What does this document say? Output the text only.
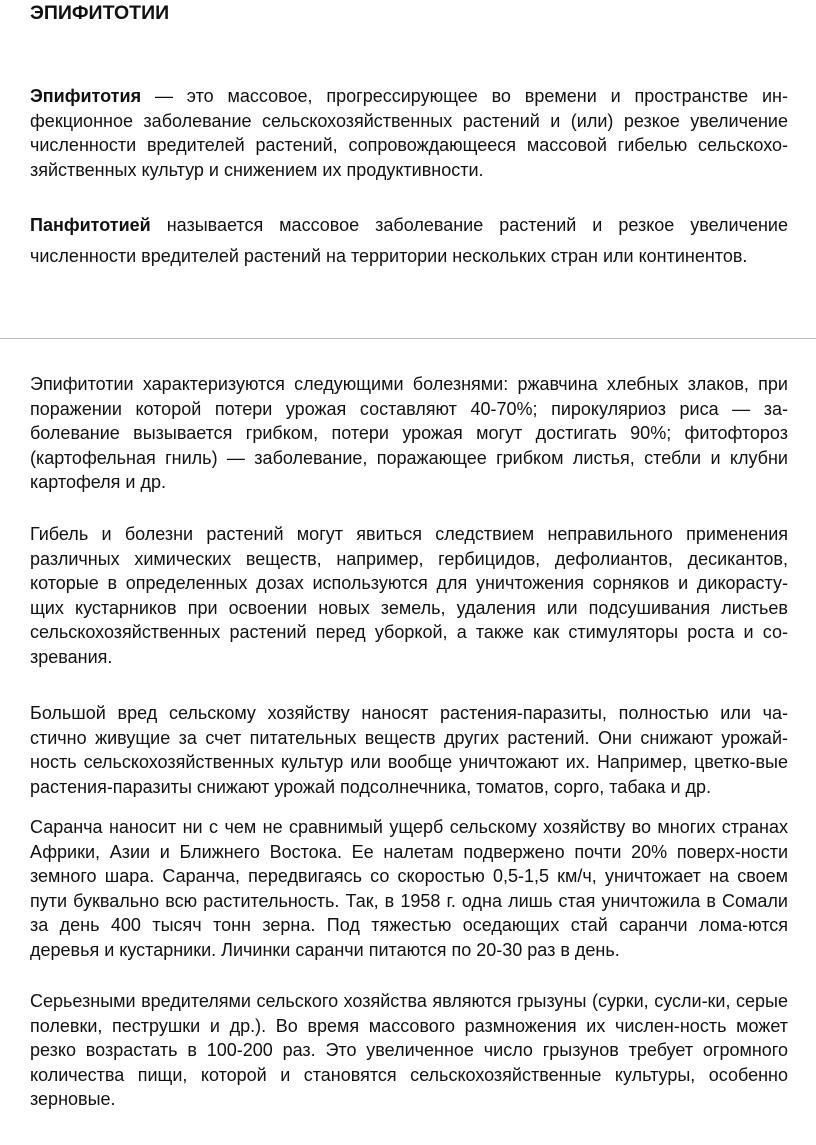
ЭПИФИТОТИИ

Эпифитотия — это массовое, прогрессирующее во времени и пространстве ин-фекционное заболевание сельскохозяйственных растений и (или) резкое увеличение численности вредителей растений, сопровождающееся массовой гибелью сельскохо-зяйственных культур и снижением их продуктивности.

Панфитотией называется массовое заболевание растений и резкое увеличение численности вредителей растений на территории нескольких стран или континентов.

Эпифитотии характеризуются следующими болезнями: ржавчина хлебных злаков, при поражении которой потери урожая составляют 40-70%; пирокуляриоз риса — за-болевание вызывается грибком, потери урожая могут достигать 90%; фитофтороз (картофельная гниль) — заболевание, поражающее грибком листья, стебли и клубни картофеля и др.

Гибель и болезни растений могут явиться следствием неправильного применения различных химических веществ, например, гербицидов, дефолиантов, десикантов, которые в определенных дозах используются для уничтожения сорняков и дикорасту-щих кустарников при освоении новых земель, удаления или подсушивания листьев сельскохозяйственных растений перед уборкой, а также как стимуляторы роста и со-зревания.

Большой вред сельскому хозяйству наносят растения-паразиты, полностью или ча-стично живущие за счет питательных веществ других растений. Они снижают урожай-ность сельскохозяйственных культур или вообще уничтожают их. Например, цветко-вые растения-паразиты снижают урожай подсолнечника, томатов, сорго, табака и др.

Саранча наносит ни с чем не сравнимый ущерб сельскому хозяйству во многих странах Африки, Азии и Ближнего Востока. Ее налетам подвержено почти 20% поверх-ности земного шара. Саранча, передвигаясь со скоростью 0,5-1,5 км/ч, уничтожает на своем пути буквально всю растительность. Так, в 1958 г. одна лишь стая уничтожила в Сомали за день 400 тысяч тонн зерна. Под тяжестью оседающих стай саранчи лома-ются деревья и кустарники. Личинки саранчи питаются по 20-30 раз в день.

Серьезными вредителями сельского хозяйства являются грызуны (сурки, сусли-ки, серые полевки, пеструшки и др.). Во время массового размножения их числен-ность может резко возрастать в 100-200 раз. Это увеличенное число грызунов требует огромного количества пищи, которой и становятся сельскохозяйственные культуры, особенно зерновые.
